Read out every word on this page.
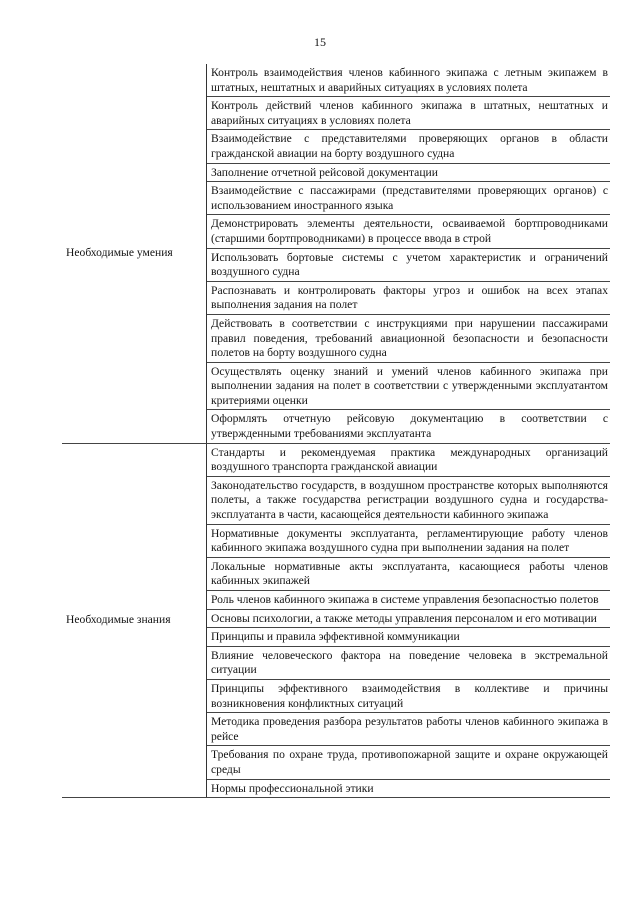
15
Необходимые умения	Контроль взаимодействия членов кабинного экипажа с летным экипажем в штатных, нештатных и аварийных ситуациях в условиях полета
	Контроль действий членов кабинного экипажа в штатных, нештатных и аварийных ситуациях в условиях полета
	Взаимодействие с представителями проверяющих органов в области гражданской авиации на борту воздушного судна
	Заполнение отчетной рейсовой документации
	Взаимодействие с пассажирами (представителями проверяющих органов) с использованием иностранного языка
	Демонстрировать элементы деятельности, осваиваемой бортпроводниками (старшими бортпроводниками) в процессе ввода в строй
	Использовать бортовые системы с учетом характеристик и ограничений воздушного судна
	Распознавать и контролировать факторы угроз и ошибок на всех этапах выполнения задания на полет
	Действовать в соответствии с инструкциями при нарушении пассажирами правил поведения, требований авиационной безопасности и безопасности полетов на борту воздушного судна
	Осуществлять оценку знаний и умений членов кабинного экипажа при выполнении задания на полет в соответствии с утвержденными эксплуатантом критериями оценки
	Оформлять отчетную рейсовую документацию в соответствии с утвержденными требованиями эксплуатанта
Необходимые знания	Стандарты и рекомендуемая практика международных организаций воздушного транспорта гражданской авиации
	Законодательство государств, в воздушном пространстве которых выполняются полеты, а также государства регистрации воздушного судна и государства-эксплуатанта в части, касающейся деятельности кабинного экипажа
	Нормативные документы эксплуатанта, регламентирующие работу членов кабинного экипажа воздушного судна при выполнении задания на полет
	Локальные нормативные акты эксплуатанта, касающиеся работы членов кабинных экипажей
	Роль членов кабинного экипажа в системе управления безопасностью полетов
	Основы психологии, а также методы управления персоналом и его мотивации
	Принципы и правила эффективной коммуникации
	Влияние человеческого фактора на поведение человека в экстремальной ситуации
	Принципы эффективного взаимодействия в коллективе и причины возникновения конфликтных ситуаций
	Методика проведения разбора результатов работы членов кабинного экипажа в рейсе
	Требования по охране труда, противопожарной защите и охране окружающей среды
	Нормы профессиональной этики
